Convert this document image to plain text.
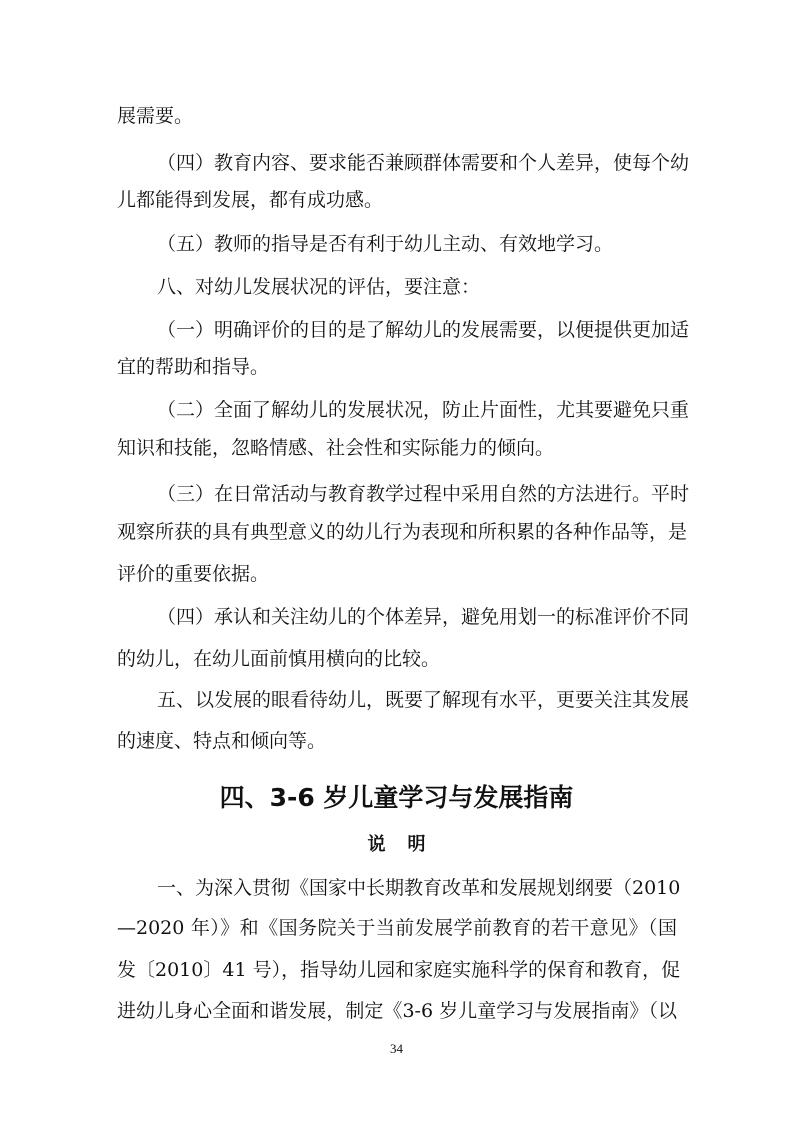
展需要。
（四）教育内容、要求能否兼顾群体需要和个人差异，使每个幼
儿都能得到发展，都有成功感。
（五）教师的指导是否有利于幼儿主动、有效地学习。
八、对幼儿发展状况的评估，要注意：
（一）明确评价的目的是了解幼儿的发展需要，以便提供更加适
宜的帮助和指导。
（二）全面了解幼儿的发展状况，防止片面性，尤其要避免只重
知识和技能，忽略情感、社会性和实际能力的倾向。
（三）在日常活动与教育教学过程中采用自然的方法进行。平时
观察所获的具有典型意义的幼儿行为表现和所积累的各种作品等，是
评价的重要依据。
（四）承认和关注幼儿的个体差异，避免用划一的标准评价不同
的幼儿，在幼儿面前慎用横向的比较。
五、以发展的眼看待幼儿，既要了解现有水平，更要关注其发展
的速度、特点和倾向等。
四、3-6 岁儿童学习与发展指南
说明
一、为深入贯彻《国家中长期教育改革和发展规划纲要（2010
—2020 年）》和《国务院关于当前发展学前教育的若干意见》（国
发〔2010〕41 号），指导幼儿园和家庭实施科学的保育和教育，促
进幼儿身心全面和谐发展，制定《3-6 岁儿童学习与发展指南》（以
34
